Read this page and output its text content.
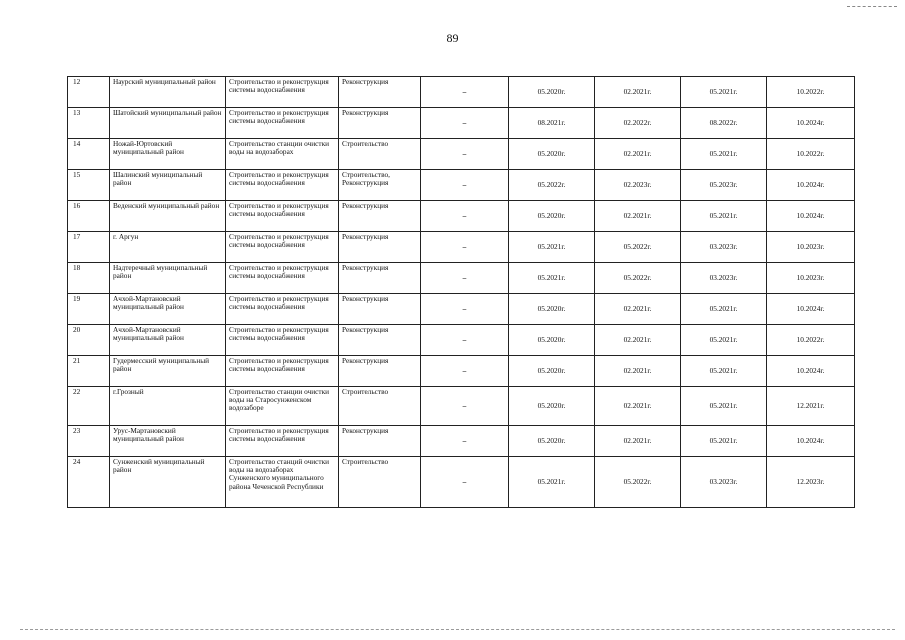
89
12	Наурский муниципальный район	Строительство и реконструкция системы водоснабжения	Реконструкция	–	05.2020г.	02.2021г.	05.2021г.	10.2022г.
13	Шатойский муниципальный район	Строительство и реконструкция системы водоснабжения	Реконструкция	–	08.2021г.	02.2022г.	08.2022г.	10.2024г.
14	Ножай-Юртовский муниципальный район	Строительство станции очистки воды на водозаборах	Строительство	–	05.2020г.	02.2021г.	05.2021г.	10.2022г.
15	Шалинский муниципальный район	Строительство и реконструкция системы водоснабжения	Строительство, Реконструкция	–	05.2022г.	02.2023г.	05.2023г.	10.2024г.
16	Веденский муниципальный район	Строительство и реконструкция системы водоснабжения	Реконструкция	–	05.2020г.	02.2021г.	05.2021г.	10.2024г.
17	г. Аргун	Строительство и реконструкция системы водоснабжения	Реконструкция	–	05.2021г.	05.2022г.	03.2023г.	10.2023г.
18	Надтеречный муниципальный район	Строительство и реконструкция системы водоснабжения	Реконструкция	–	05.2021г.	05.2022г.	03.2023г.	10.2023г.
19	Ачхой-Мартановский муниципальный район	Строительство и реконструкция системы водоснабжения	Реконструкция	–	05.2020г.	02.2021г.	05.2021г.	10.2024г.
20	Ачхой-Мартановский муниципальный район	Строительство и реконструкция системы водоснабжения	Реконструкция	–	05.2020г.	02.2021г.	05.2021г.	10.2022г.
21	Гудермесский муниципальный район	Строительство и реконструкция системы водоснабжения	Реконструкция	–	05.2020г.	02.2021г.	05.2021г.	10.2024г.
22	г.Грозный	Строительство станции очистки воды на Старосунженском водозаборе	Строительство	–	05.2020г.	02.2021г.	05.2021г.	12.2021г.
23	Урус-Мартановский муниципальный район	Строительство и реконструкция системы водоснабжения	Реконструкция	–	05.2020г.	02.2021г.	05.2021г.	10.2024г.
24	Сунженский муниципальный район	Строительство станций очистки воды на водозаборах Сунженского муниципального района Чеченской Республики	Строительство	–	05.2021г.	05.2022г.	03.2023г.	12.2023г.
